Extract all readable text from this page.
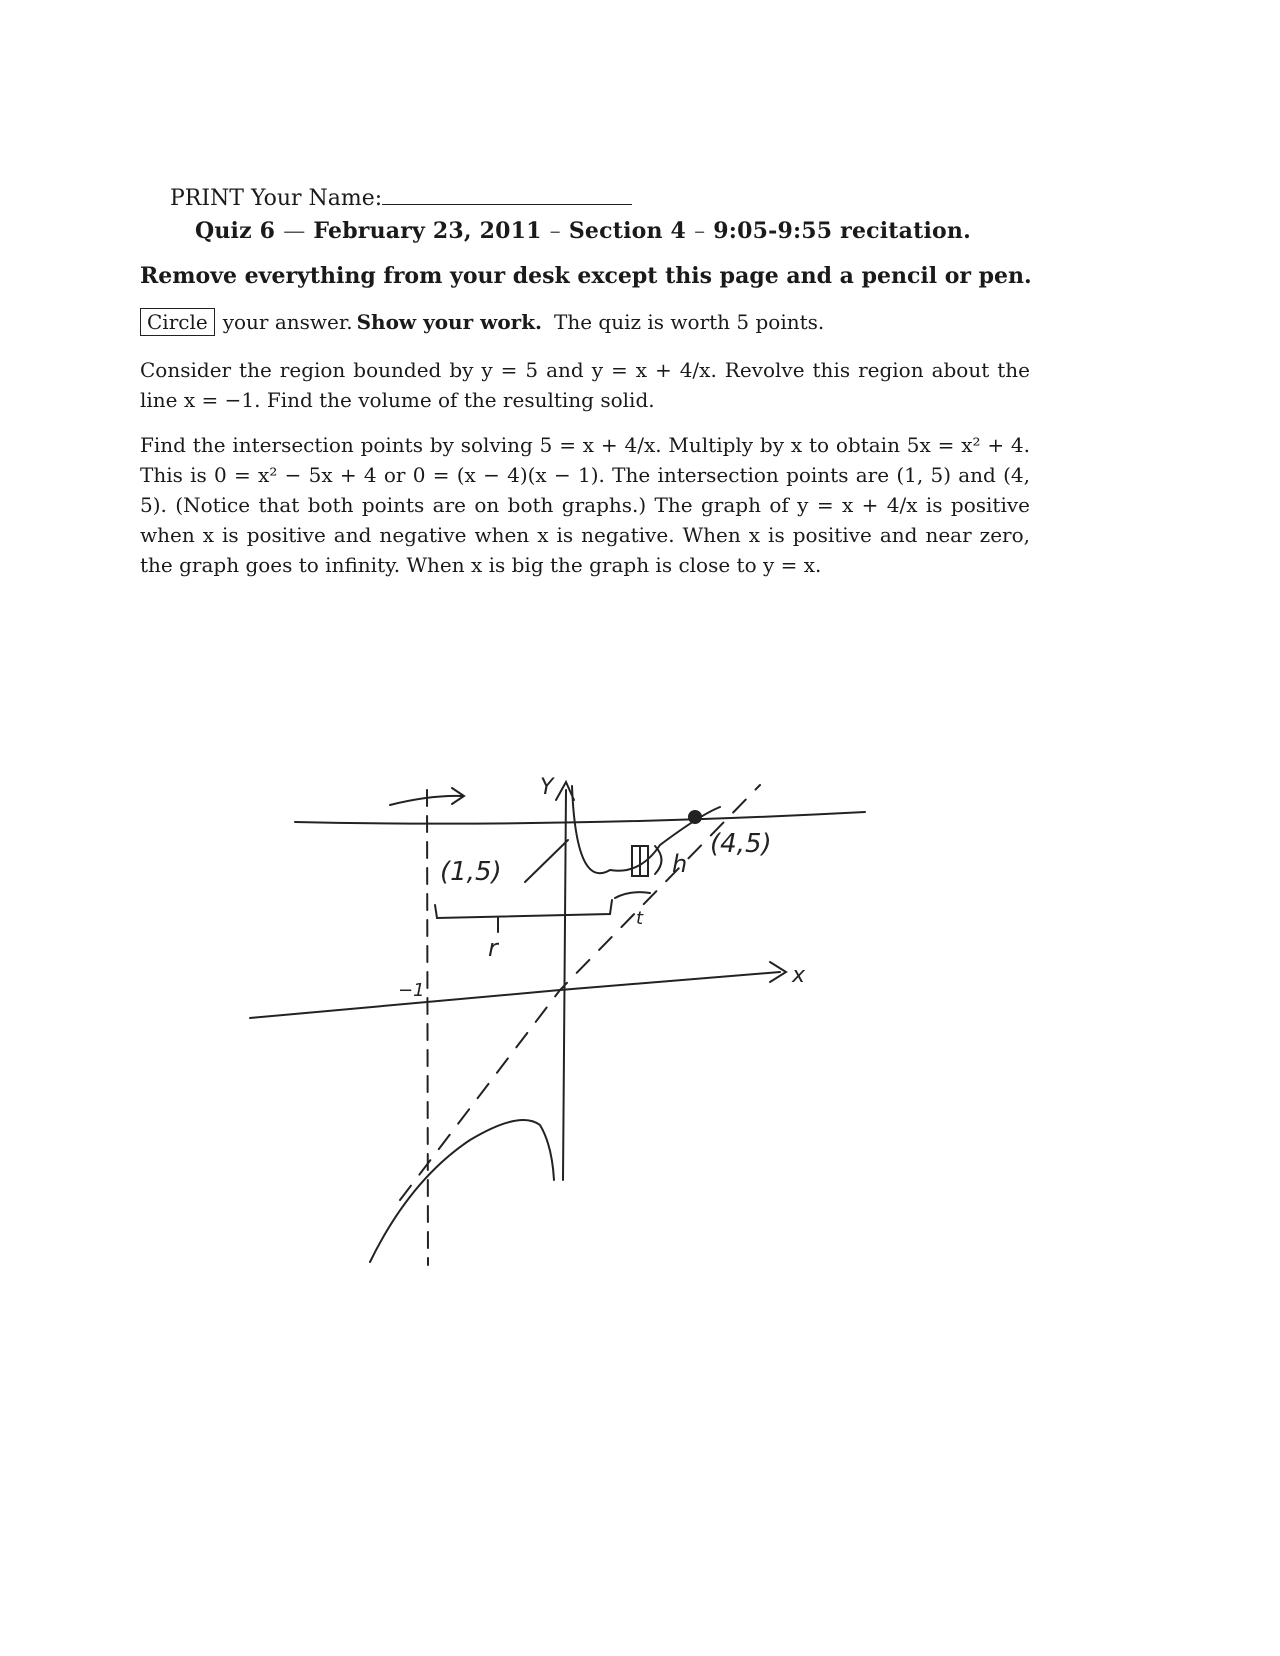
PRINT Your Name:
Quiz 6 — February 23, 2011 – Section 4 – 9:05-9:55 recitation.
Remove everything from your desk except this page and a pencil or pen.
Circle your answer. Show your work. The quiz is worth 5 points.

Consider the region bounded by y = 5 and y = x + 4/x. Revolve this region about the line x = −1. Find the volume of the resulting solid.

Find the intersection points by solving 5 = x + 4/x. Multiply by x to obtain 5x = x² + 4. This is 0 = x² − 5x + 4 or 0 = (x − 4)(x − 1). The intersection points are (1, 5) and (4, 5). (Notice that both points are on both graphs.) The graph of y = x + 4/x is positive when x is positive and negative when x is negative. When x is positive and near zero, the graph goes to infinity. When x is big the graph is close to y = x.

Y
x
(1,5)
(4,5)
r
h
−1
t
